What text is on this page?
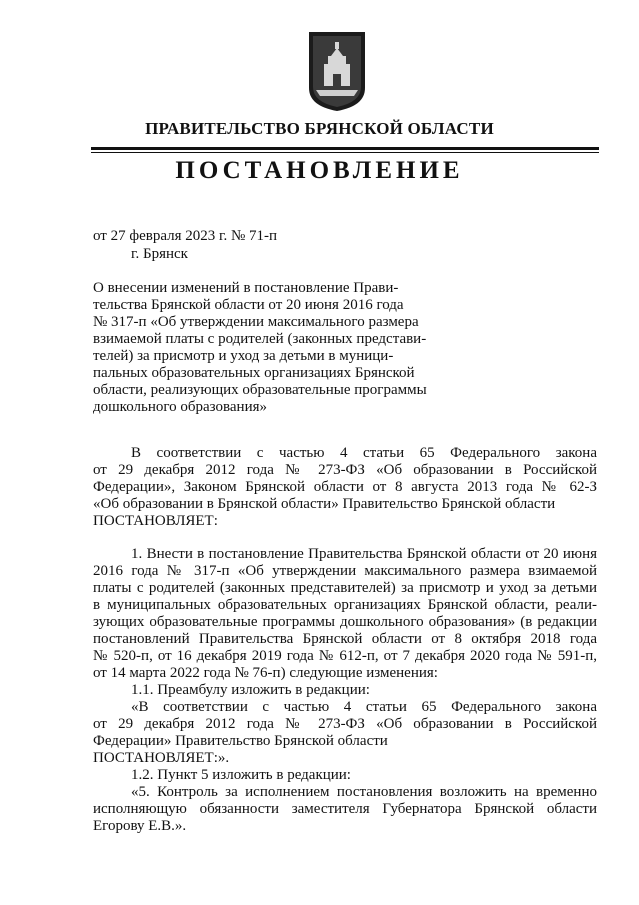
ПРАВИТЕЛЬСТВО БРЯНСКОЙ ОБЛАСТИ
ПОСТАНОВЛЕНИЕ
от 27 февраля 2023 г. № 71-п
г. Брянск
О внесении изменений в постановление Прави-
тельства Брянской области от 20 июня 2016 года
№ 317-п «Об утверждении максимального размера
взимаемой платы с родителей (законных представи-
телей) за присмотр и уход за детьми в муници-
пальных образовательных организациях Брянской
области, реализующих образовательные программы
дошкольного образования»
В соответствии с частью 4 статьи 65 Федерального закона
от 29 декабря 2012 года № 273-ФЗ «Об образовании в Российской
Федерации», Законом Брянской области от 8 августа 2013 года № 62-З
«Об образовании в Брянской области» Правительство Брянской области
ПОСТАНОВЛЯЕТ:
1. Внести в постановление Правительства Брянской области от 20 июня
2016 года № 317-п «Об утверждении максимального размера взимаемой
платы с родителей (законных представителей) за присмотр и уход за детьми
в муниципальных образовательных организациях Брянской области, реали-
зующих образовательные программы дошкольного образования» (в редакции
постановлений Правительства Брянской области от 8 октября 2018 года
№ 520-п, от 16 декабря 2019 года № 612-п, от 7 декабря 2020 года № 591-п,
от 14 марта 2022 года № 76-п) следующие изменения:
1.1. Преамбулу изложить в редакции:
«В соответствии с частью 4 статьи 65 Федерального закона
от 29 декабря 2012 года № 273-ФЗ «Об образовании в Российской
Федерации» Правительство Брянской области
ПОСТАНОВЛЯЕТ:».
1.2. Пункт 5 изложить в редакции:
«5. Контроль за исполнением постановления возложить на временно
исполняющую обязанности заместителя Губернатора Брянской области
Егорову Е.В.».
